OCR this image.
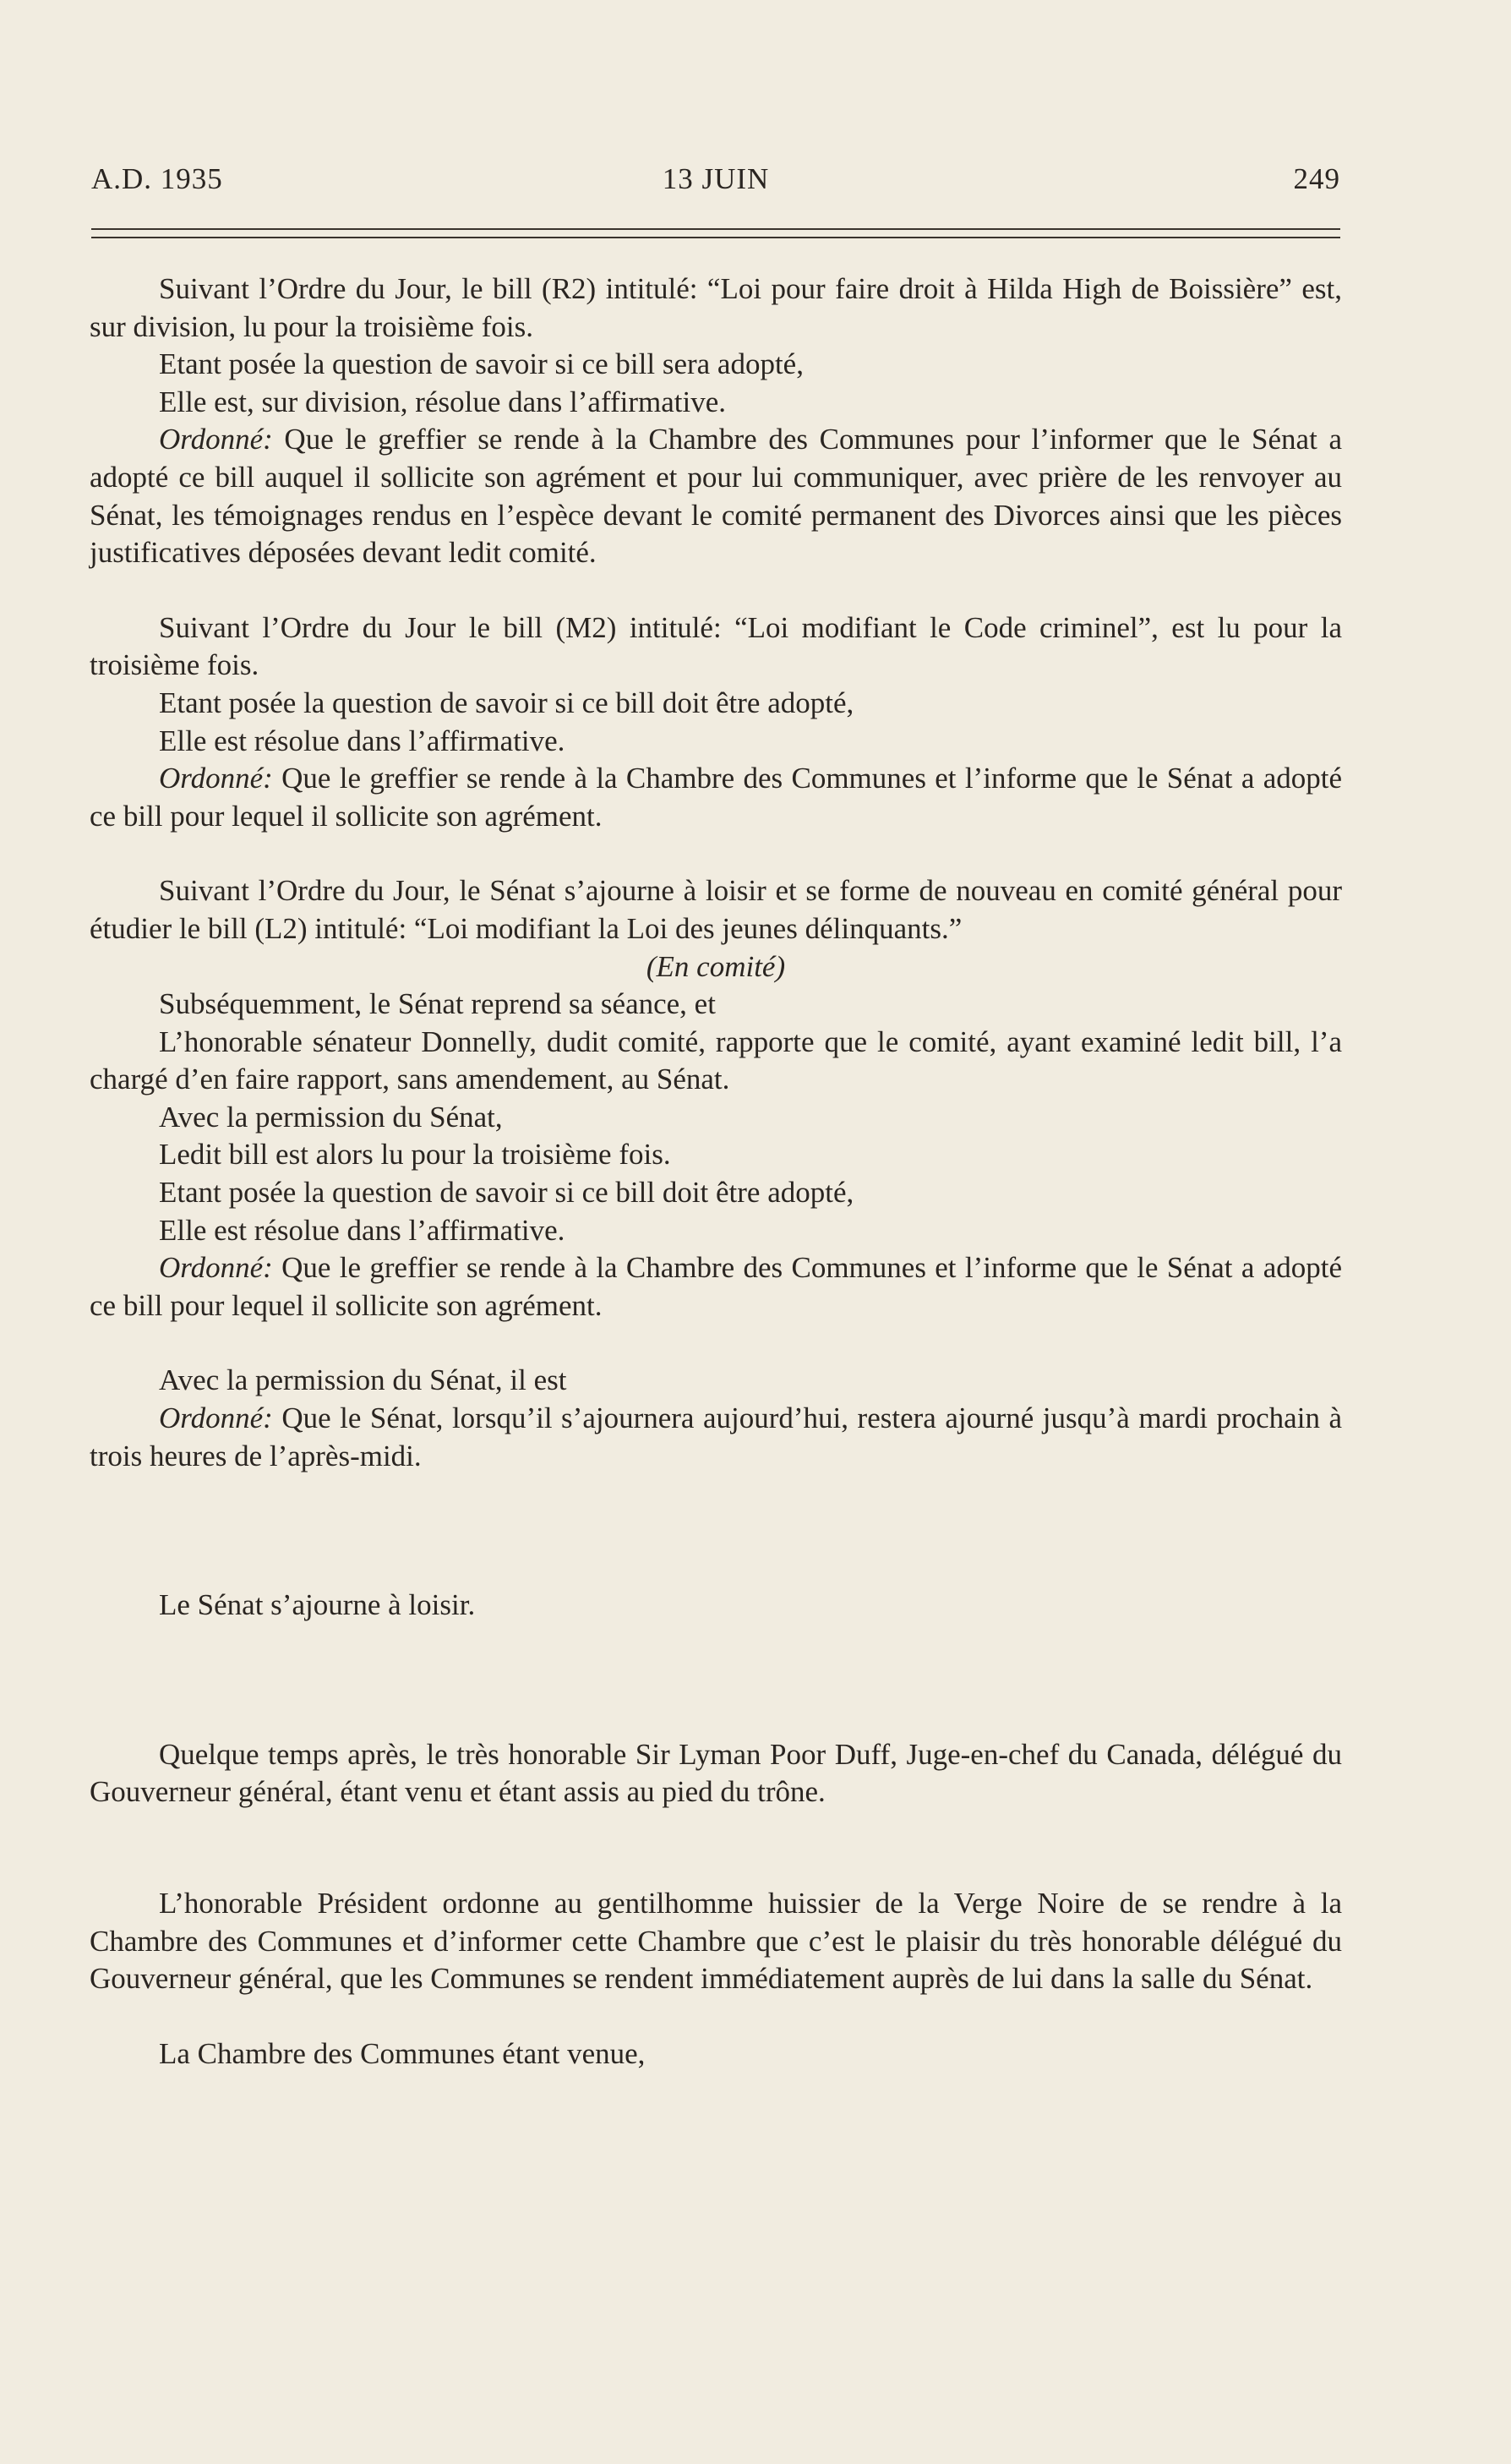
A.D. 1935	13 JUIN	249

Suivant l’Ordre du Jour, le bill (R2) intitulé: “Loi pour faire droit à Hilda High de Boissière” est, sur division, lu pour la troisième fois.

Etant posée la question de savoir si ce bill sera adopté,

Elle est, sur division, résolue dans l’affirmative.

Ordonné: Que le greffier se rende à la Chambre des Communes pour l’informer que le Sénat a adopté ce bill auquel il sollicite son agrément et pour lui communiquer, avec prière de les renvoyer au Sénat, les témoignages rendus en l’espèce devant le comité permanent des Divorces ainsi que les pièces justificatives déposées devant ledit comité.

Suivant l’Ordre du Jour le bill (M2) intitulé: “Loi modifiant le Code criminel”, est lu pour la troisième fois.

Etant posée la question de savoir si ce bill doit être adopté,

Elle est résolue dans l’affirmative.

Ordonné: Que le greffier se rende à la Chambre des Communes et l’informe que le Sénat a adopté ce bill pour lequel il sollicite son agrément.

Suivant l’Ordre du Jour, le Sénat s’ajourne à loisir et se forme de nouveau en comité général pour étudier le bill (L2) intitulé: “Loi modifiant la Loi des jeunes délinquants.”

(En comité)

Subséquemment, le Sénat reprend sa séance, et

L’honorable sénateur Donnelly, dudit comité, rapporte que le comité, ayant examiné ledit bill, l’a chargé d’en faire rapport, sans amendement, au Sénat.

Avec la permission du Sénat,

Ledit bill est alors lu pour la troisième fois.

Etant posée la question de savoir si ce bill doit être adopté,

Elle est résolue dans l’affirmative.

Ordonné: Que le greffier se rende à la Chambre des Communes et l’informe que le Sénat a adopté ce bill pour lequel il sollicite son agrément.

Avec la permission du Sénat, il est

Ordonné: Que le Sénat, lorsqu’il s’ajournera aujourd’hui, restera ajourné jusqu’à mardi prochain à trois heures de l’après-midi.

Le Sénat s’ajourne à loisir.

Quelque temps après, le très honorable Sir Lyman Poor Duff, Juge-en-chef du Canada, délégué du Gouverneur général, étant venu et étant assis au pied du trône.

L’honorable Président ordonne au gentilhomme huissier de la Verge Noire de se rendre à la Chambre des Communes et d’informer cette Chambre que c’est le plaisir du très honorable délégué du Gouverneur général, que les Communes se rendent immédiatement auprès de lui dans la salle du Sénat.

La Chambre des Communes étant venue,
